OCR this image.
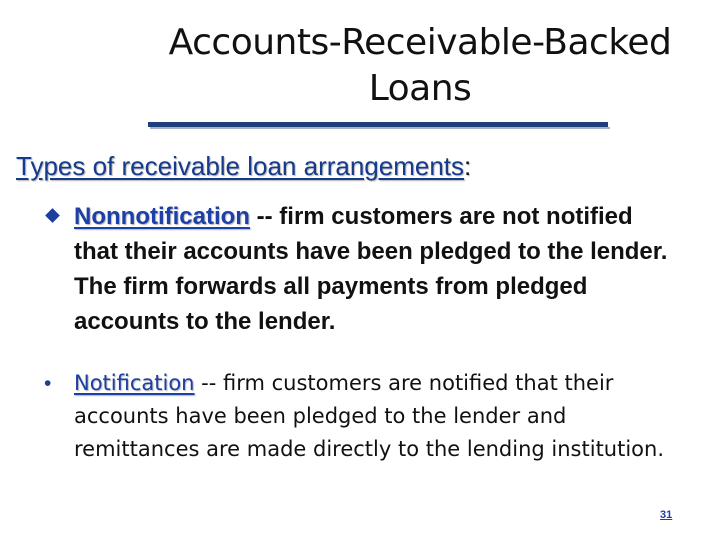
Accounts-Receivable-Backed Loans
Types of receivable loan arrangements:
Nonnotification -- firm customers are not notified that their accounts have been pledged to the lender. The firm forwards all payments from pledged accounts to the lender.
• Notification -- firm customers are notified that their accounts have been pledged to the lender and remittances are made directly to the lending institution.
31
